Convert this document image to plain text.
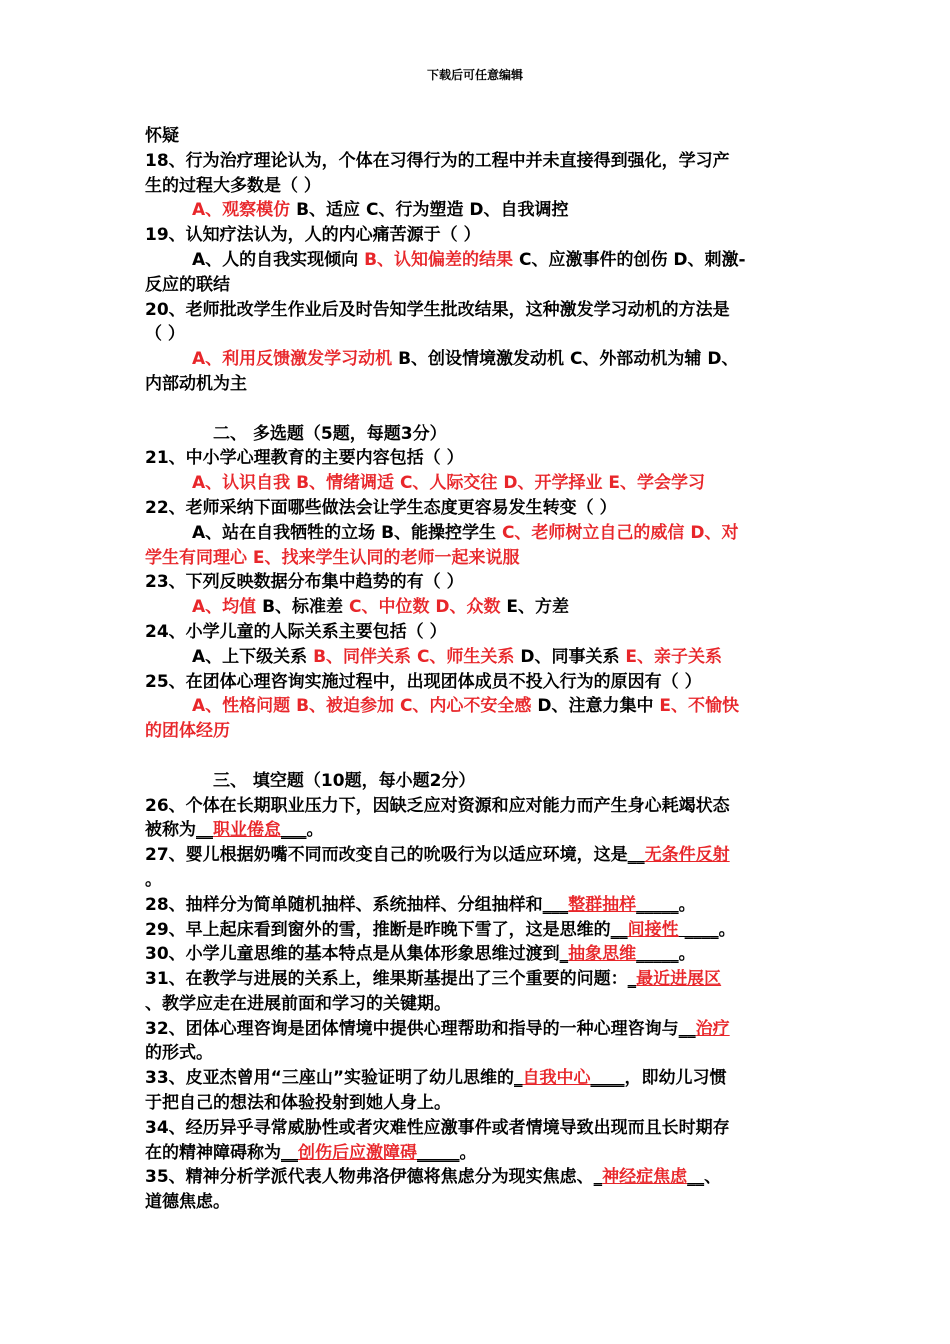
下载后可任意编辑
怀疑
18、行为治疗理论认为，个体在习得行为的工程中并未直接得到强化，学习产
生的过程大多数是（ ）
A、观察模仿 B、适应 C、行为塑造 D、自我调控
19、认知疗法认为，人的内心痛苦源于（ ）
A、人的自我实现倾向 B、认知偏差的结果 C、应激事件的创伤 D、刺激-
反应的联结
20、老师批改学生作业后及时告知学生批改结果，这种激发学习动机的方法是
（ ）
A、利用反馈激发学习动机 B、创设情境激发动机 C、外部动机为辅 D、
内部动机为主
二、 多选题（5题，每题3分）
21、中小学心理教育的主要内容包括（ ）
A、认识自我 B、情绪调适 C、人际交往 D、开学择业 E、学会学习
22、老师采纳下面哪些做法会让学生态度更容易发生转变（ ）
A、站在自我牺牲的立场 B、能操控学生 C、老师树立自己的威信 D、对
学生有同理心 E、找来学生认同的老师一起来说服
23、下列反映数据分布集中趋势的有（ ）
A、均值 B、标准差 C、中位数 D、众数 E、方差
24、小学儿童的人际关系主要包括（ ）
A、上下级关系 B、同伴关系 C、师生关系 D、同事关系 E、亲子关系
25、在团体心理咨询实施过程中，出现团体成员不投入行为的原因有（ ）
A、性格问题 B、被迫参加 C、内心不安全感 D、注意力集中 E、不愉快
的团体经历
三、 填空题（10题，每小题2分）
26、个体在长期职业压力下，因缺乏应对资源和应对能力而产生身心耗竭状态
被称为__职业倦怠___。
27、婴儿根据奶嘴不同而改变自己的吮吸行为以适应环境，这是__无条件反射
。
28、抽样分为简单随机抽样、系统抽样、分组抽样和___整群抽样_____。
29、早上起床看到窗外的雪，推断是昨晚下雪了，这是思维的__间接性 ____。
30、小学儿童思维的基本特点是从集体形象思维过渡到_抽象思维_____。
31、在教学与进展的关系上，维果斯基提出了三个重要的问题：_最近进展区
、教学应走在进展前面和学习的关键期。
32、团体心理咨询是团体情境中提供心理帮助和指导的一种心理咨询与__治疗
的形式。
33、皮亚杰曾用“三座山”实验证明了幼儿思维的_自我中心____，即幼儿习惯
于把自己的想法和体验投射到她人身上。
34、经历异乎寻常威胁性或者灾难性应激事件或者情境导致出现而且长时期存
在的精神障碍称为__创伤后应激障碍_____。
35、精神分析学派代表人物弗洛伊德将焦虑分为现实焦虑、_神经症焦虑__、
道德焦虑。
